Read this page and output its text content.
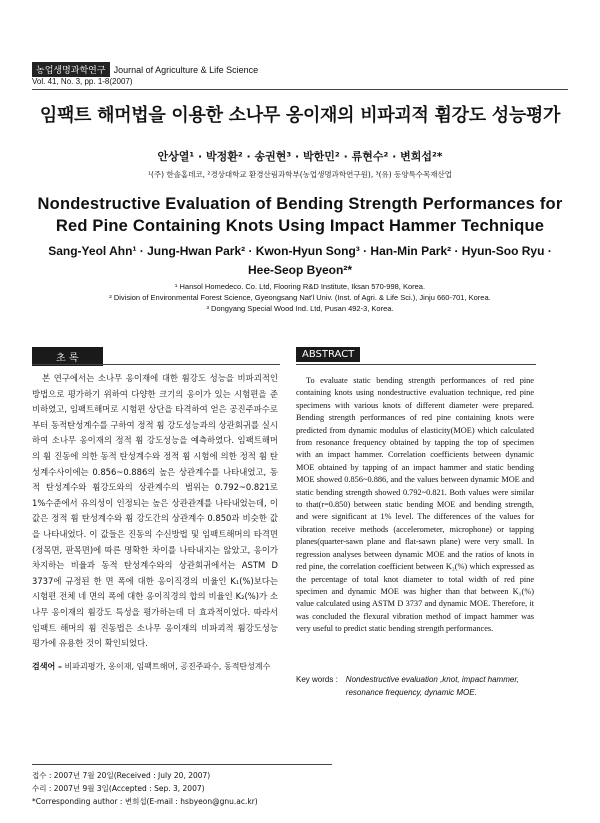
농업생명과학연구 Journal of Agriculture & Life Science
Vol. 41, No. 3, pp. 1-8(2007)
임팩트 해머법을 이용한 소나무 옹이재의 비파괴적 휨강도 성능평가
안상열¹ · 박정환² · 송권현³ · 박한민² · 류현수² · 변희섭²*
¹(주) 한솔홈데코, ²경상대학교 환경산림과학부(농업생명과학연구원), ³(유) 동양특수목재산업
Nondestructive Evaluation of Bending Strength Performances for Red Pine Containing Knots Using Impact Hammer Technique
Sang-Yeol Ahn¹ · Jung-Hwan Park² · Kwon-Hyun Song³ · Han-Min Park² · Hyun-Soo Ryu · Hee-Seop Byeon²*
¹ Hansol Homedeco. Co. Ltd, Flooring R&D Institute, Iksan 570-998, Korea.
² Division of Environmental Forest Science, Gyeongsang Nat'l Univ. (Inst. of Agri. & Life Sci.), Jinju 660-701, Korea.
³ Dongyang Special Wood Ind. Ltd, Pusan 492-3, Korea.
초 록	ABSTRACT
본 연구에서는 소나무 옹이재에 대한 휨강도 성능을 비파괴적인 방법으로 평가하기 위하여 다양한 크기의 옹이가 있는 시험편을 준비하였고, 임팩트해머로 시험편 상단을 타격하여 얻은 공진주파수로부터 동적탄성계수를 구하여 정적 휨 강도성능과의 상관회귀를 실시하여 소나무 옹이재의 정적 휨 강도성능을 예측하였다. 임팩트해머의 휨 진동에 의한 동적 탄성계수와 정적 휨 시험에 의한 정적 휨 탄성계수사이에는 0.856~0.886의 높은 상관계수를 나타내었고, 동적 탄성계수와 휨강도와의 상관계수의 범위는 0.792~0.821로 1%수준에서 유의성이 인정되는 높은 상관관계를 나타내었는데, 이 값은 정적 휨 탄성계수와 휨 강도간의 상관계수 0.850과 비슷한 값을 나타내었다. 이 값들은 진동의 수신방법 및 임팩트해머의 타격면(정목면, 판목면)에 따른 명확한 차이를 나타내지는 않았고, 옹이가 차지하는 비율과 동적 탄성계수와의 상관회귀에서는 ASTM D 3737에 규정된 한 면 폭에 대한 옹이직경의 비율인 K₁(%)보다는 시험편 전체 네 면의 폭에 대한 옹이직경의 합의 비율인 K₂(%)가 소나무 옹이재의 휨강도 특성을 평가하는데 더 효과적이었다. 따라서 임팩트 해머의 휨 진동법은 소나무 옹이재의 비파괴적 휨강도성능 평가에 유용한 것이 확인되었다.
To evaluate static bending strength performances of red pine containing knots using nondestructive evaluation technique, red pine specimens with various knots of different diameter were prepared. Bending strength performances of red pine containing knots were predicted from dynamic modulus of elasticity(MOE) which calculated from resonance frequency obtained by tapping the top of specimen with an impact hammer. Correlation coefficients between dynamic MOE obtained by tapping of an impact hammer and static bending MOE showed 0.856~0.886, and the values between dynamic MOE and static bending strength showed 0.792~0.821. Both values were similar to that(r=0.850) between static bending MOE and bending strength, and were significant at 1% level. The differences of the values for vibration receive methods (accelerometer, microphone) or tapping planes(quarter-sawn plane and flat-sawn plane) were very small. In regression analyses between dynamic MOE and the ratios of knots in red pine, the correlation coefficient between K₂(%) which expressed as the percentage of total knot diameter to total width of red pine specimen and dynamic MOE was higher than that between K₁(%) value calculated using ASTM D 3737 and dynamic MOE. Therefore, it was concluded the flexural vibration method of impact hammer was very useful to predict static bending strength performances.
Key words : Nondestructive evaluation ,knot, impact hammer, resonance frequency, dynamic MOE.
접수 : 2007년 7월 20일(Received : July 20, 2007)
수리 : 2007년 9월 3일(Accepted : Sep. 3, 2007)
*Corresponding author : 변희섭(E-mail : hsbyeon@gnu.ac.kr)
검색어 – 비파괴평가, 옹이재, 임팩트해머, 공진주파수, 동적탄성계수
